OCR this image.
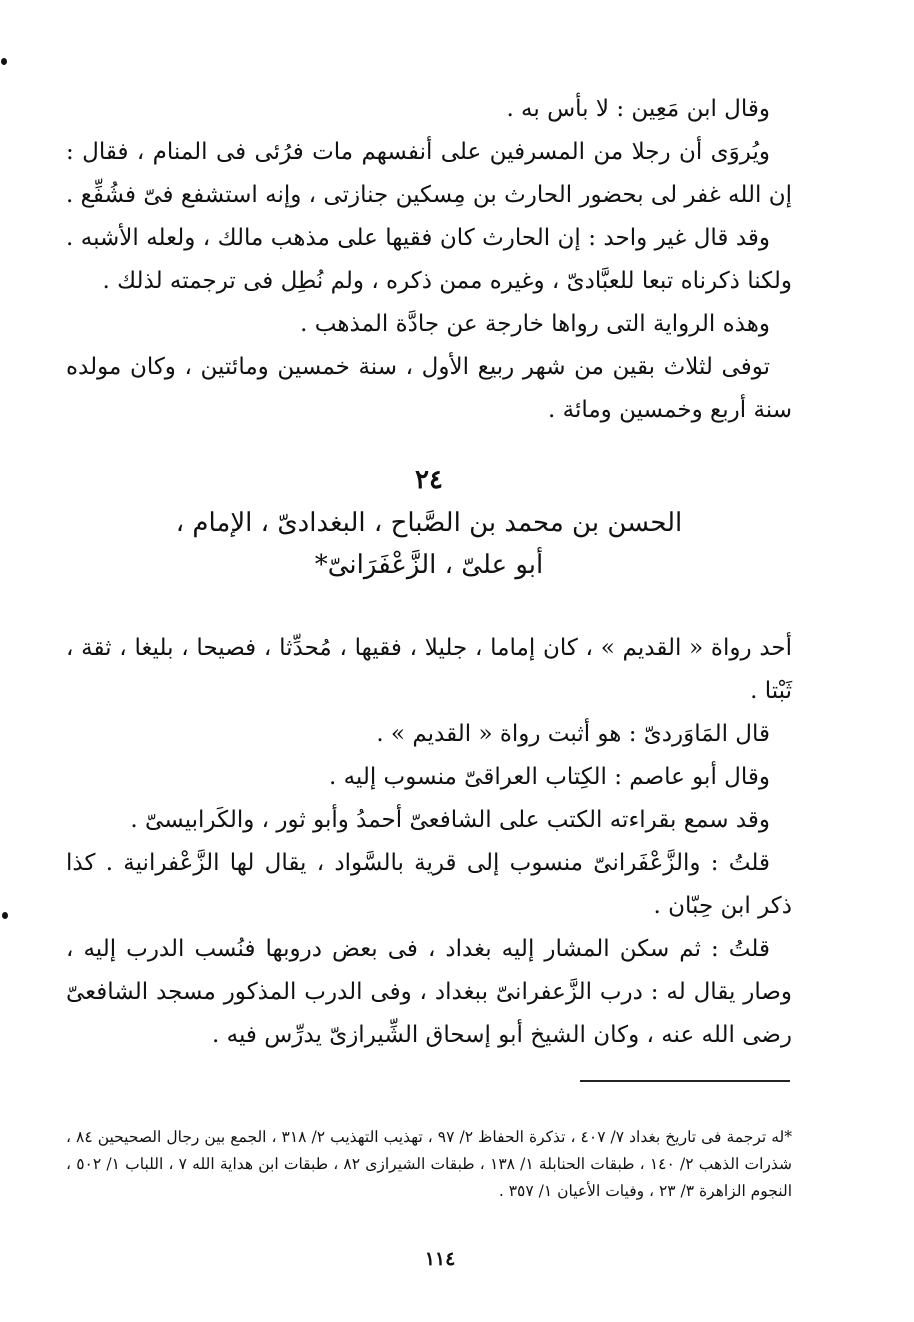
وقال ابن مَعِين : لا بأس به .

ويُروَى أن رجلا من المسرفين على أنفسهم مات فرُئى فى المنام ، فقال : إن الله غفر لى بحضور الحارث بن مِسكين جنازتى ، وإنه استشفع فىّ فشُفِّع .

وقد قال غير واحد : إن الحارث كان فقيها على مذهب مالك ، ولعله الأشبه . ولكنا ذكرناه تبعا للعبَّادىّ ، وغيره ممن ذكره ، ولم نُطِل فى ترجمته لذلك .

وهذه الرواية التى رواها خارجة عن جادَّة المذهب .

توفى لثلاث بقين من شهر ربيع الأول ، سنة خمسين ومائتين ، وكان مولده سنة أربع وخمسين ومائة .

٢٤
الحسن بن محمد بن الصَّباح ، البغدادىّ ، الإمام ،
أبو علىّ ، الزَّعْفَرَانىّ*

أحد رواة « القديم » ، كان إماما ، جليلا ، فقيها ، مُحدِّثا ، فصيحا ، بليغا ، ثقة ، ثَبْتا .

قال المَاوَردىّ : هو أثبت رواة « القديم » .

وقال أبو عاصم : الكِتاب العراقىّ منسوب إليه .

وقد سمع بقراءته الكتب على الشافعىّ أحمدُ وأبو ثور ، والكَرابيسىّ .

قلتُ : والزَّعْفَرانىّ منسوب إلى قرية بالسَّواد ، يقال لها الزَّعْفرانية . كذا ذكر ابن حِبّان .

قلتُ : ثم سكن المشار إليه بغداد ، فى بعض دروبها فنُسب الدرب إليه ، وصار يقال له : درب الزَّعفرانىّ ببغداد ، وفى الدرب المذكور مسجد الشافعىّ رضى الله عنه ، وكان الشيخ أبو إسحاق الشِّيرازىّ يدرِّس فيه .

*له ترجمة فى تاريخ بغداد ٧/ ٤٠٧ ، تذكرة الحفاظ ٢/ ٩٧ ، تهذيب التهذيب ٢/ ٣١٨ ، الجمع بين رجال الصحيحين ٨٤ ، شذرات الذهب ٢/ ١٤٠ ، طبقات الحنابلة ١/ ١٣٨ ، طبقات الشيرازى ٨٢ ، طبقات ابن هداية الله ٧ ، اللباب ١/ ٥٠٢ ، النجوم الزاهرة ٣/ ٢٣ ، وفيات الأعيان ١/ ٣٥٧ .

١١٤
